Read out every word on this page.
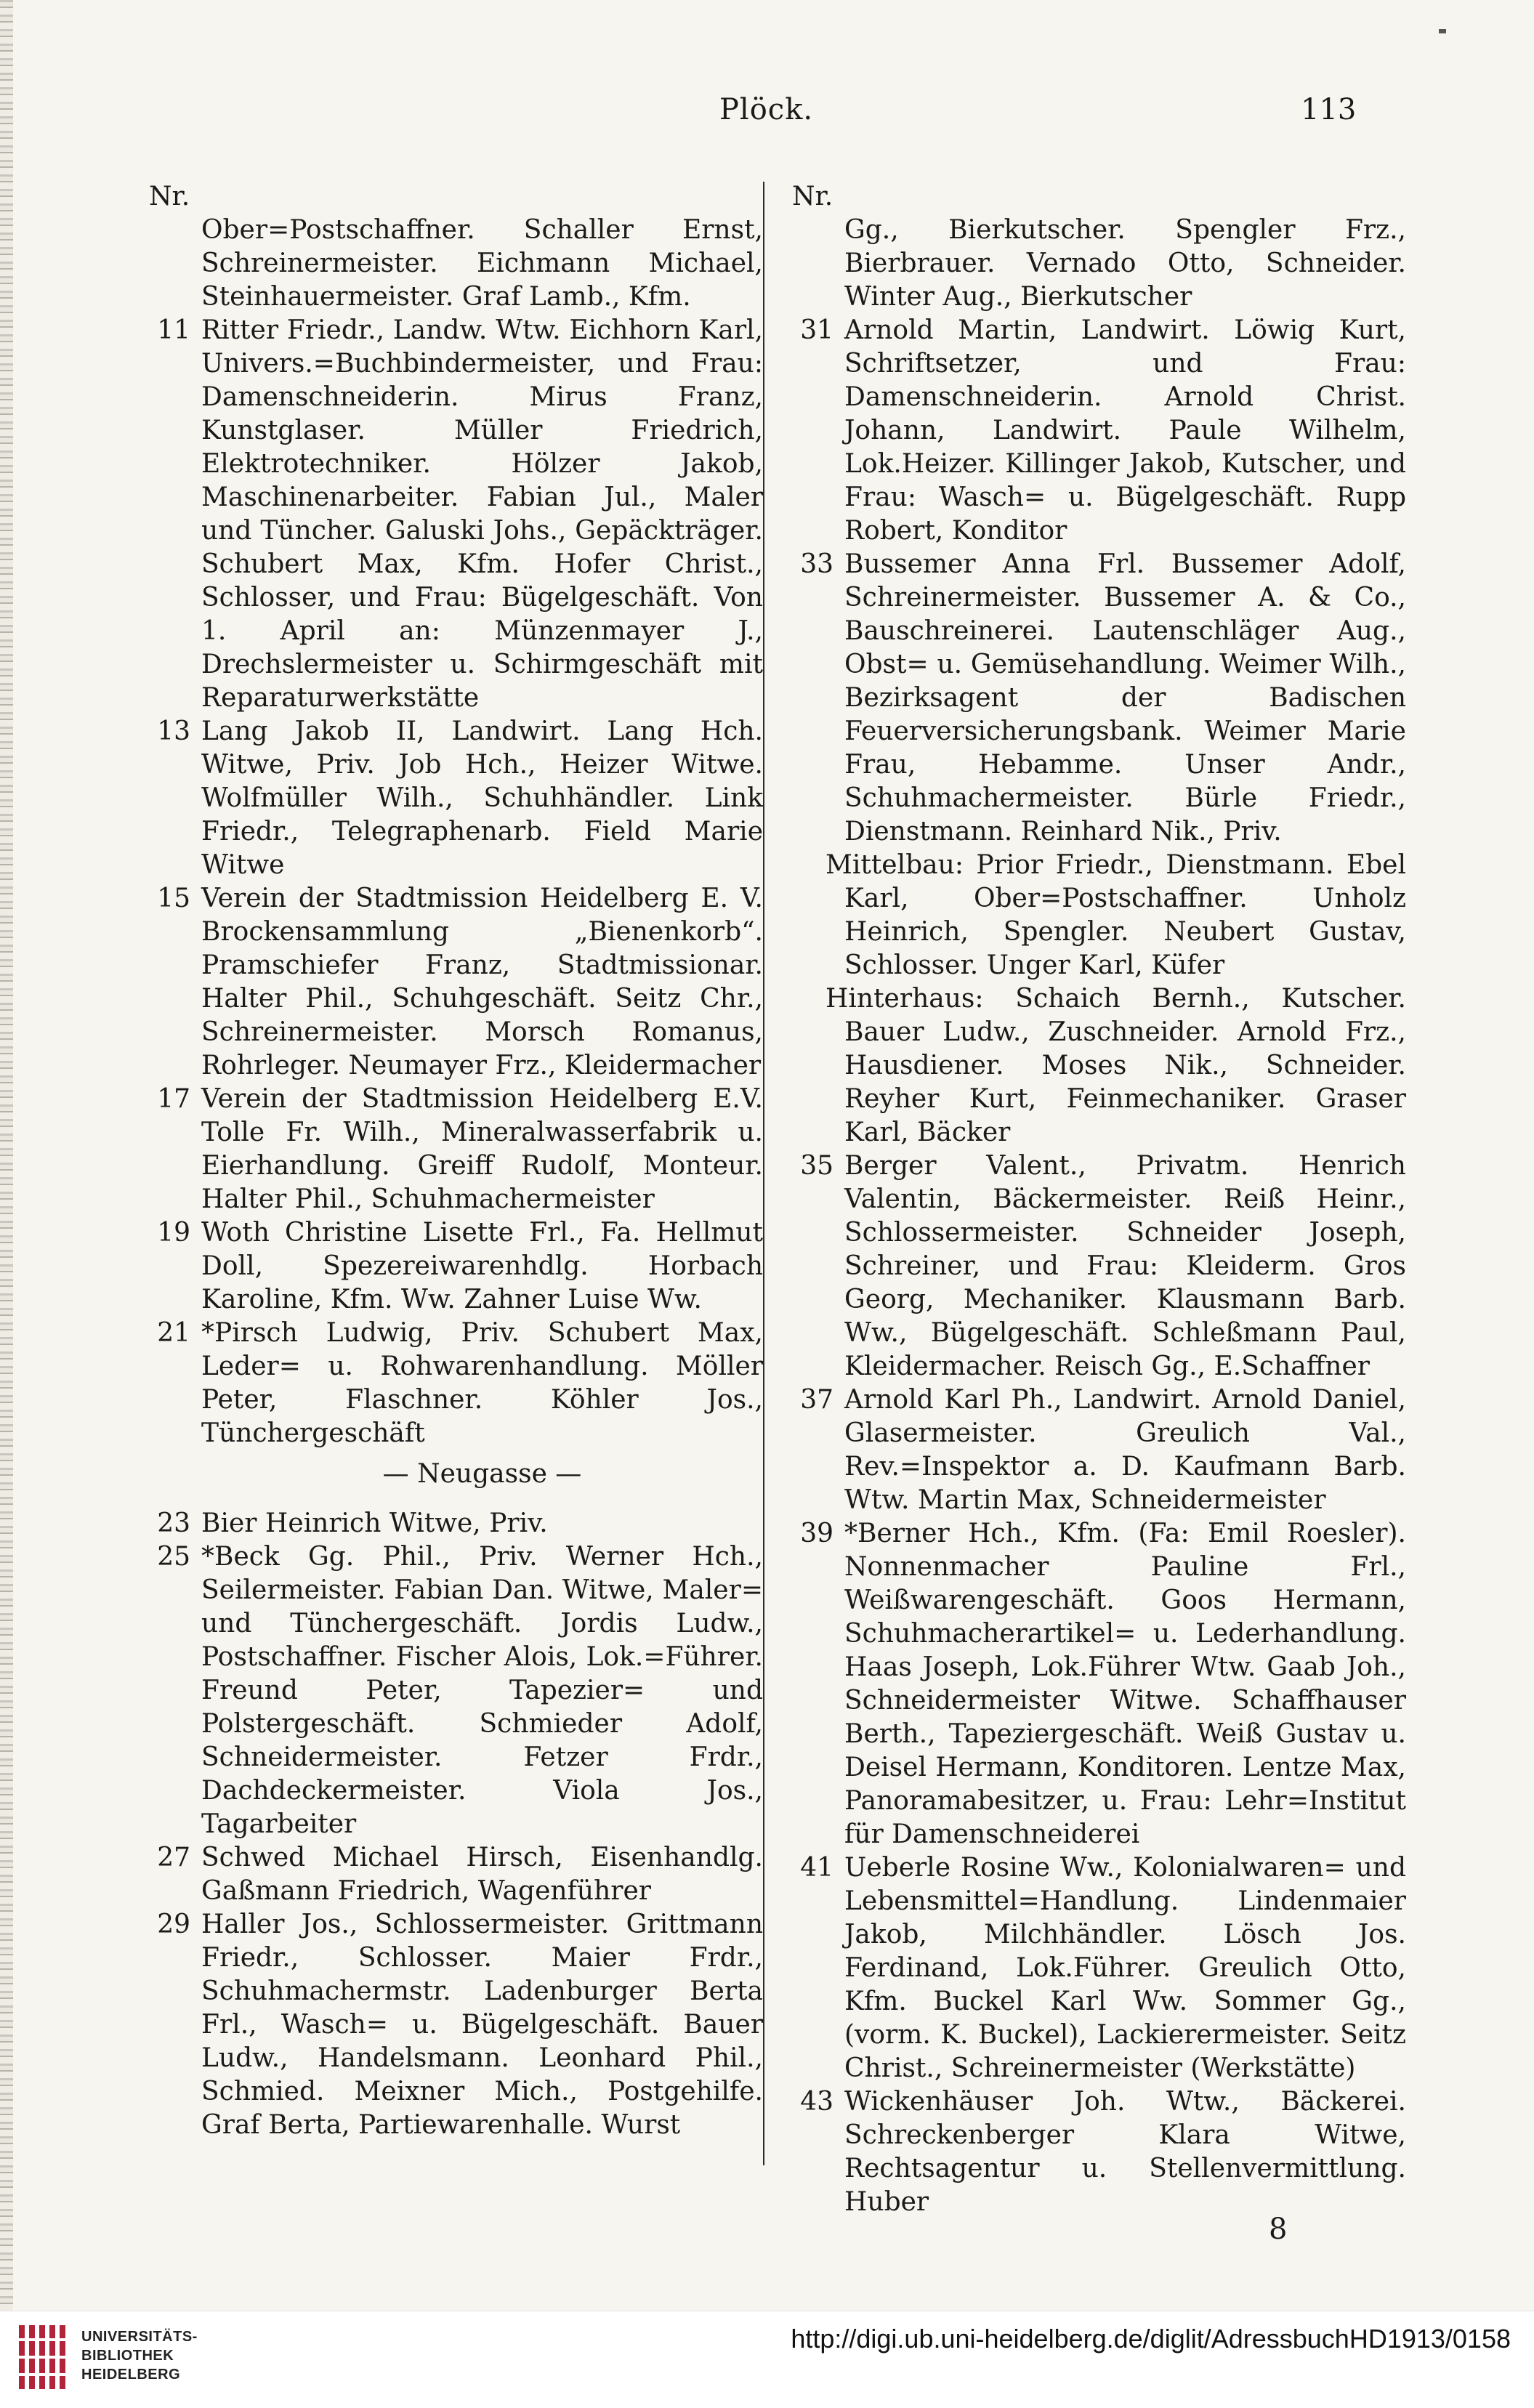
Plöck.	113
Nr.
Ober=Postschaffner. Schaller Ernst, Schreinermeister. Eichmann Michael, Steinhauermeister. Graf Lamb., Kfm.
11 Ritter Friedr., Landw. Wtw. Eichhorn Karl, Univers.=Buchbindermeister, und Frau: Damenschneiderin. Mirus Franz, Kunstglaser. Müller Friedrich, Elektrotechniker. Hölzer Jakob, Maschinenarbeiter. Fabian Jul., Maler und Tüncher. Galuski Johs., Gepäckträger. Schubert Max, Kfm. Hofer Christ., Schlosser, und Frau: Bügelgeschäft. Von 1. April an: Münzenmayer J., Drechslermeister u. Schirmgeschäft mit Reparaturwerkstätte
13 Lang Jakob II, Landwirt. Lang Hch. Witwe, Priv. Job Hch., Heizer Witwe. Wolfmüller Wilh., Schuhhändler. Link Friedr., Telegraphenarb. Field Marie Witwe
15 Verein der Stadtmission Heidelberg E. V. Brockensammlung „Bienenkorb“. Pramschiefer Franz, Stadtmissionar. Halter Phil., Schuhgeschäft. Seitz Chr., Schreinermeister. Morsch Romanus, Rohrleger. Neumayer Frz., Kleidermacher
17 Verein der Stadtmission Heidelberg E.V. Tolle Fr. Wilh., Mineralwasserfabrik u. Eierhandlung. Greiff Rudolf, Monteur. Halter Phil., Schuhmachermeister
19 Woth Christine Lisette Frl., Fa. Hellmut Doll, Spezereiwarenhdlg. Horbach Karoline, Kfm. Ww. Zahner Luise Ww.
21 *Pirsch Ludwig, Priv. Schubert Max, Leder= u. Rohwarenhandlung. Möller Peter, Flaschner. Köhler Jos., Tünchergeschäft
— Neugasse —
23 Bier Heinrich Witwe, Priv.
25 *Beck Gg. Phil., Priv. Werner Hch., Seilermeister. Fabian Dan. Witwe, Maler= und Tünchergeschäft. Jordis Ludw., Postschaffner. Fischer Alois, Lok.=Führer. Freund Peter, Tapezier= und Polstergeschäft. Schmieder Adolf, Schneidermeister. Fetzer Frdr., Dachdeckermeister. Viola Jos., Tagarbeiter
27 Schwed Michael Hirsch, Eisenhandlg. Gaßmann Friedrich, Wagenführer
29 Haller Jos., Schlossermeister. Grittmann Friedr., Schlosser. Maier Frdr., Schuhmachermstr. Ladenburger Berta Frl., Wasch= u. Bügelgeschäft. Bauer Ludw., Handelsmann. Leonhard Phil., Schmied. Meixner Mich., Postgehilfe. Graf Berta, Partiewarenhalle. Wurst
Nr.
Gg., Bierkutscher. Spengler Frz., Bierbrauer. Vernado Otto, Schneider. Winter Aug., Bierkutscher
31 Arnold Martin, Landwirt. Löwig Kurt, Schriftsetzer, und Frau: Damenschneiderin. Arnold Christ. Johann, Landwirt. Paule Wilhelm, Lok.Heizer. Killinger Jakob, Kutscher, und Frau: Wasch= u. Bügelgeschäft. Rupp Robert, Konditor
33 Bussemer Anna Frl. Bussemer Adolf, Schreinermeister. Bussemer A. & Co., Bauschreinerei. Lautenschläger Aug., Obst= u. Gemüsehandlung. Weimer Wilh., Bezirksagent der Badischen Feuerversicherungsbank. Weimer Marie Frau, Hebamme. Unser Andr., Schuhmachermeister. Bürle Friedr., Dienstmann. Reinhard Nik., Priv.
Mittelbau: Prior Friedr., Dienstmann. Ebel Karl, Ober=Postschaffner. Unholz Heinrich, Spengler. Neubert Gustav, Schlosser. Unger Karl, Küfer
Hinterhaus: Schaich Bernh., Kutscher. Bauer Ludw., Zuschneider. Arnold Frz., Hausdiener. Moses Nik., Schneider. Reyher Kurt, Feinmechaniker. Graser Karl, Bäcker
35 Berger Valent., Privatm. Henrich Valentin, Bäckermeister. Reiß Heinr., Schlossermeister. Schneider Joseph, Schreiner, und Frau: Kleiderm. Gros Georg, Mechaniker. Klausmann Barb. Ww., Bügelgeschäft. Schleßmann Paul, Kleidermacher. Reisch Gg., E.Schaffner
37 Arnold Karl Ph., Landwirt. Arnold Daniel, Glasermeister. Greulich Val., Rev.=Inspektor a. D. Kaufmann Barb. Wtw. Martin Max, Schneidermeister
39 *Berner Hch., Kfm. (Fa: Emil Roesler). Nonnenmacher Pauline Frl., Weißwarengeschäft. Goos Hermann, Schuhmacherartikel= u. Lederhandlung. Haas Joseph, Lok.Führer Wtw. Gaab Joh., Schneidermeister Witwe. Schaffhauser Berth., Tapeziergeschäft. Weiß Gustav u. Deisel Hermann, Konditoren. Lentze Max, Panoramabesitzer, u. Frau: Lehr=Institut für Damenschneiderei
41 Ueberle Rosine Ww., Kolonialwaren= und Lebensmittel=Handlung. Lindenmaier Jakob, Milchhändler. Lösch Jos. Ferdinand, Lok.Führer. Greulich Otto, Kfm. Buckel Karl Ww. Sommer Gg., (vorm. K. Buckel), Lackierermeister. Seitz Christ., Schreinermeister (Werkstätte)
43 Wickenhäuser Joh. Wtw., Bäckerei. Schreckenberger Klara Witwe, Rechtsagentur u. Stellenvermittlung. Huber
8
UNIVERSITÄTS-
BIBLIOTHEK
HEIDELBERG
http://digi.ub.uni-heidelberg.de/diglit/AdressbuchHD1913/0158
